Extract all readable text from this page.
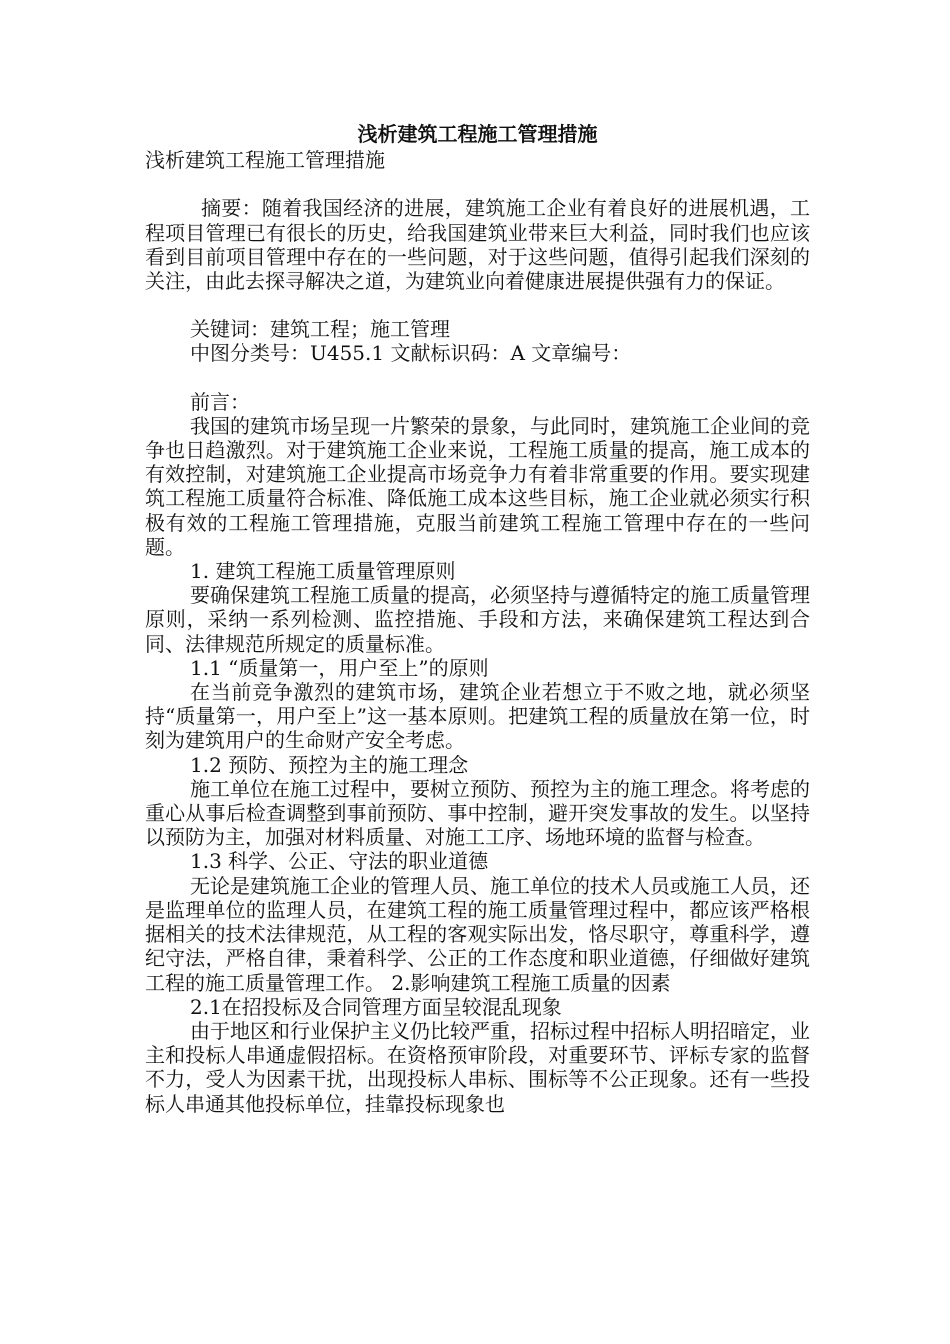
浅析建筑工程施工管理措施

浅析建筑工程施工管理措施

摘要：随着我国经济的进展，建筑施工企业有着良好的进展机遇，工程项目管理已有很长的历史，给我国建筑业带来巨大利益，同时我们也应该看到目前项目管理中存在的一些问题，对于这些问题，值得引起我们深刻的关注，由此去探寻解决之道，为建筑业向着健康进展提供强有力的保证。

关键词：建筑工程；施工管理

中图分类号：U455.1 文献标识码：A 文章编号：

前言：

我国的建筑市场呈现一片繁荣的景象，与此同时，建筑施工企业间的竞争也日趋激烈。对于建筑施工企业来说，工程施工质量的提高，施工成本的有效控制，对建筑施工企业提高市场竞争力有着非常重要的作用。要实现建筑工程施工质量符合标准、降低施工成本这些目标，施工企业就必须实行积极有效的工程施工管理措施，克服当前建筑工程施工管理中存在的一些问题。

1. 建筑工程施工质量管理原则

要确保建筑工程施工质量的提高，必须坚持与遵循特定的施工质量管理原则，采纳一系列检测、监控措施、手段和方法，来确保建筑工程达到合同、法律规范所规定的质量标准。

1.1 “质量第一，用户至上”的原则

在当前竞争激烈的建筑市场，建筑企业若想立于不败之地，就必须坚持“质量第一，用户至上”这一基本原则。把建筑工程的质量放在第一位，时刻为建筑用户的生命财产安全考虑。

1.2 预防、预控为主的施工理念

施工单位在施工过程中，要树立预防、预控为主的施工理念。将考虑的重心从事后检查调整到事前预防、事中控制，避开突发事故的发生。以坚持以预防为主，加强对材料质量、对施工工序、场地环境的监督与检查。

1.3 科学、公正、守法的职业道德

无论是建筑施工企业的管理人员、施工单位的技术人员或施工人员，还是监理单位的监理人员，在建筑工程的施工质量管理过程中，都应该严格根据相关的技术法律规范，从工程的客观实际出发，恪尽职守，尊重科学，遵纪守法，严格自律，秉着科学、公正的工作态度和职业道德，仔细做好建筑工程的施工质量管理工作。 2.影响建筑工程施工质量的因素

2.1在招投标及合同管理方面呈较混乱现象

由于地区和行业保护主义仍比较严重，招标过程中招标人明招暗定，业主和投标人串通虚假招标。在资格预审阶段，对重要环节、评标专家的监督不力，受人为因素干扰，出现投标人串标、围标等不公正现象。还有一些投标人串通其他投标单位，挂靠投标现象也
